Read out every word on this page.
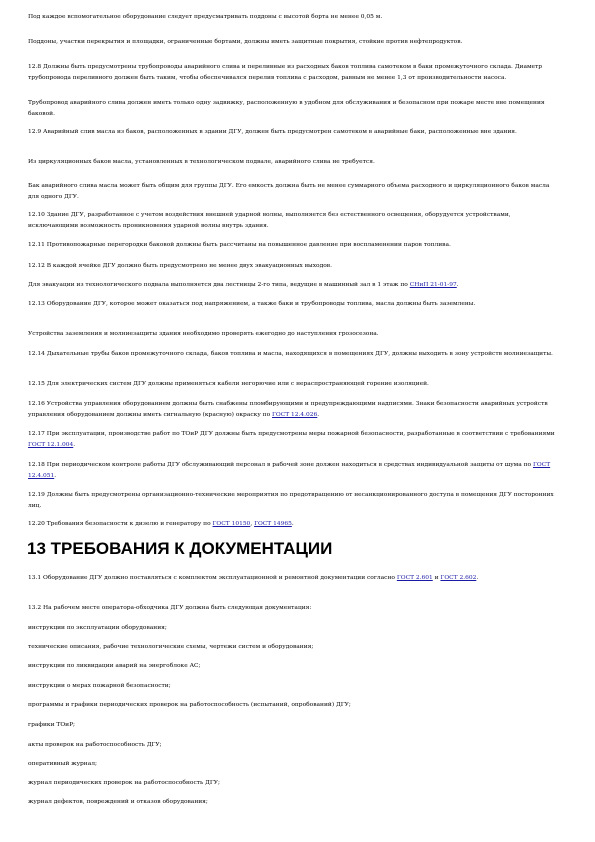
Под каждое вспомогательное оборудование следует предусматривать поддоны с высотой борта не менее 0,05 м.

Поддоны, участки перекрытия и площадки, ограниченные бортами, должны иметь защитные покрытия, стойкие против нефтепродуктов.

12.8 Должны быть предусмотрены трубопроводы аварийного слива и переливные из расходных баков топлива самотеком в баки промежуточного склада. Диаметр трубопровода переливного должен быть таким, чтобы обеспечивался перелив топлива с расходом, равным не менее 1,3 от производительности насоса.

Трубопровод аварийного слива должен иметь только одну задвижку, расположенную в удобном для обслуживания и безопасном при пожаре месте вне помещения баковой.

12.9 Аварийный слив масла из баков, расположенных в здании ДГУ, должен быть предусмотрен самотеком в аварийные баки, расположенные вне здания.

Из циркуляционных баков масла, установленных в технологическом подвале, аварийного слива не требуется.

Бак аварийного слива масла может быть общим для группы ДГУ. Его емкость должна быть не менее суммарного объема расходного и циркуляционного баков масла для одного ДГУ.

12.10 Здание ДГУ, разработанное с учетом воздействия внешней ударной волны, выполняется без естественного освещения, оборудуется устройствами, исключающими возможность проникновения ударной волны внутрь здания.

12.11 Противопожарные перегородки баковой должны быть рассчитаны на повышенное давление при воспламенении паров топлива.

12.12 В каждой ячейке ДГУ должно быть предусмотрено не менее двух эвакуационных выходов.

Для эвакуации из технологического подвала выполняется два лестницы 2-го типа, ведущие в машинный зал в 1 этаж по СНиП 21-01-97.

12.13 Оборудование ДГУ, которое может оказаться под напряжением, а также баки и трубопроводы топлива, масла должны быть заземлены.

Устройства заземления и молниезащиты здания необходимо проверять ежегодно до наступления грозосезона.

12.14 Дыхательные трубы баков промежуточного склада, баков топлива и масла, находящихся в помещениях ДГУ, должны выходить в зону устройств молниезащиты.

12.15 Для электрических систем ДГУ должны применяться кабели негорючие или с нераспространяющей горение изоляцией.

12.16 Устройства управления оборудованием должны быть снабжены пломбирующими и предупреждающими надписями. Знаки безопасности аварийных устройств управления оборудованием должны иметь сигнальную (красную) окраску по ГОСТ 12.4.026.

12.17 При эксплуатации, производстве работ по ТОиР ДГУ должны быть предусмотрены меры пожарной безопасности, разработанные в соответствии с требованиями ГОСТ 12.1.004.

12.18 При периодическом контроле работы ДГУ обслуживающий персонал в рабочей зоне должен находиться в средствах индивидуальной защиты от шума по ГОСТ 12.4.051.

12.19 Должны быть предусмотрены организационно-технические мероприятия по предотвращению от несанкционированного доступа в помещения ДГУ посторонних лиц.

12.20 Требования безопасности к дизелю и генератору по ГОСТ 10150, ГОСТ 14965.

13 ТРЕБОВАНИЯ К ДОКУМЕНТАЦИИ

13.1 Оборудование ДГУ должно поставляться с комплектом эксплуатационной и ремонтной документации согласно ГОСТ 2.601 и ГОСТ 2.602.

13.2 На рабочем месте оператора-обходчика ДГУ должна быть следующая документация:

инструкции по эксплуатации оборудования;

технические описания, рабочие технологические схемы, чертежи систем и оборудования;

инструкции по ликвидации аварий на энергоблоке АС;

инструкции о мерах пожарной безопасности;

программы и графики периодических проверок на работоспособность (испытаний, опробований) ДГУ;

графики ТОиР;

акты проверок на работоспособность ДГУ;

оперативный журнал;

журнал периодических проверок на работоспособность ДГУ;

журнал дефектов, повреждений и отказов оборудования;
